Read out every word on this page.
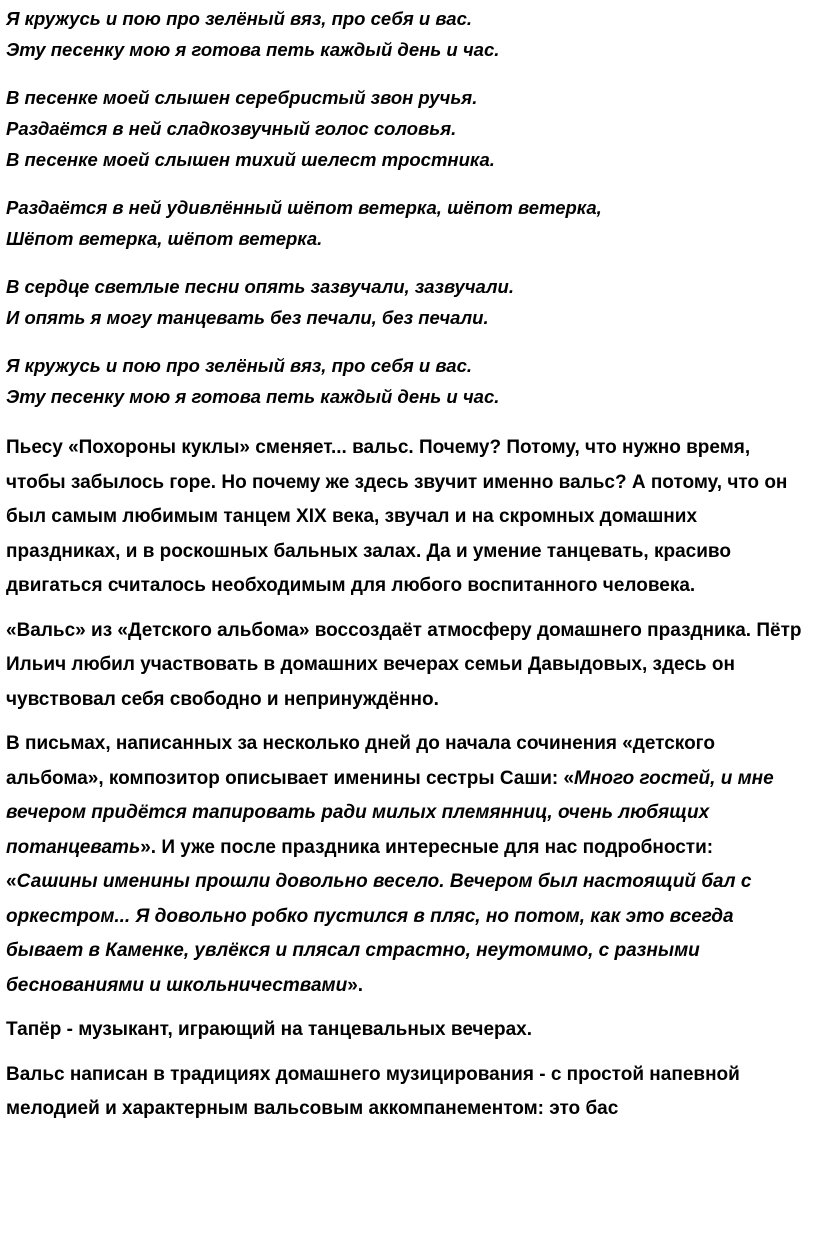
Я кружусь и пою про зелёный вяз, про себя и вас.
Эту песенку мою я готова петь каждый день и час.
В песенке моей слышен серебристый звон ручья.
Раздаётся в ней сладкозвучный голос соловья.
В песенке моей слышен тихий шелест тростника.
Раздаётся в ней удивлённый шёпот ветерка, шёпот ветерка,
Шёпот ветерка, шёпот ветерка.
В сердце светлые песни опять зазвучали, зазвучали.
И опять я могу танцевать без печали, без печали.
Я кружусь и пою про зелёный вяз, про себя и вас.
Эту песенку мою я готова петь каждый день и час.

Пьесу «Похороны куклы» сменяет... вальс. Почему? Потому, что нужно время, чтобы забылось горе. Но почему же здесь звучит именно вальс? А потому, что он был самым любимым танцем XIX века, звучал и на скромных домашних праздниках, и в роскошных бальных залах. Да и умение танцевать, красиво двигаться считалось необходимым для любого воспитанного человека.

«Вальс» из «Детского альбома» воссоздаёт атмосферу домашнего праздника. Пётр Ильич любил участвовать в домашних вечерах семьи Давыдовых, здесь он чувствовал себя свободно и непринуждённо.

В письмах, написанных за несколько дней до начала сочинения «детского альбома», композитор описывает именины сестры Саши: «Много гостей, и мне вечером придётся тапировать ради милых племянниц, очень любящих потанцевать». И уже после праздника интересные для нас подробности: «Сашины именины прошли довольно весело. Вечером был настоящий бал с оркестром... Я довольно робко пустился в пляс, но потом, как это всегда бывает в Каменке, увлёкся и плясал страстно, неутомимо, с разными беснованиями и школьничествами».

Тапёр - музыкант, играющий на танцевальных вечерах.

Вальс написан в традициях домашнего музицирования - с простой напевной мелодией и характерным вальсовым аккомпанементом: это бас
